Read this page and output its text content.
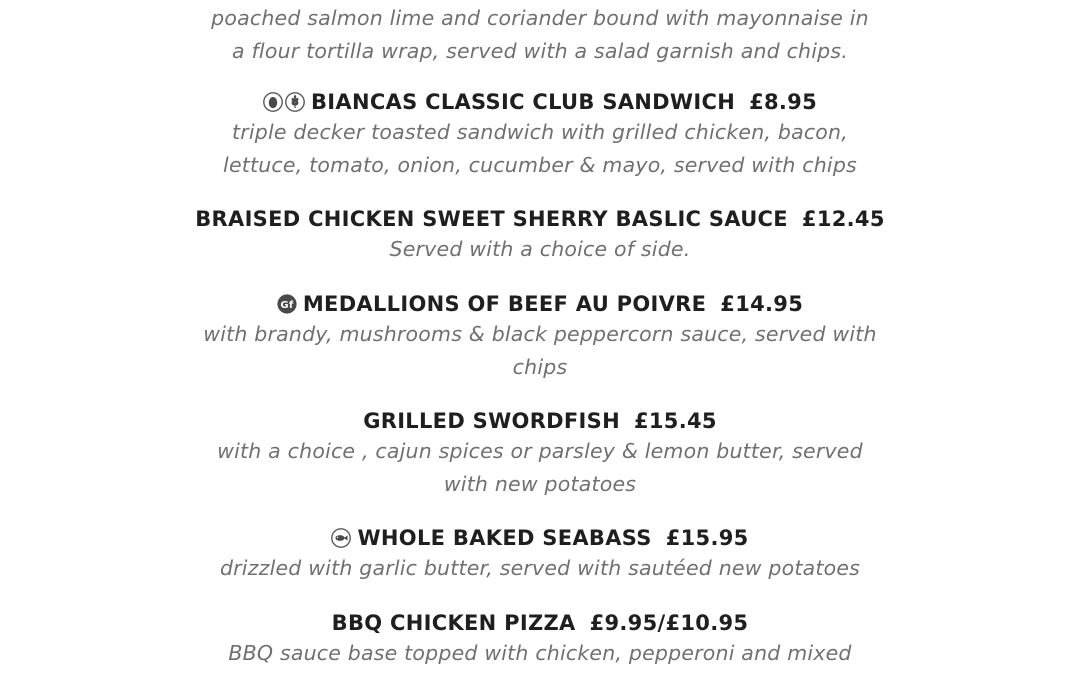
poached salmon lime and coriander bound with mayonnaise in
a flour tortilla wrap, served with a salad garnish and chips.
BIANCAS CLASSIC CLUB SANDWICH £8.95
triple decker toasted sandwich with grilled chicken, bacon,
lettuce, tomato, onion, cucumber & mayo, served with chips
BRAISED CHICKEN SWEET SHERRY BASLIC SAUCE £12.45
Served with a choice of side.
Gf MEDALLIONS OF BEEF AU POIVRE £14.95
with brandy, mushrooms & black peppercorn sauce, served with
chips
GRILLED SWORDFISH £15.45
with a choice , cajun spices or parsley & lemon butter, served
with new potatoes
WHOLE BAKED SEABASS £15.95
drizzled with garlic butter, served with sautéed new potatoes
BBQ CHICKEN PIZZA £9.95/£10.95
BBQ sauce base topped with chicken, pepperoni and mixed
